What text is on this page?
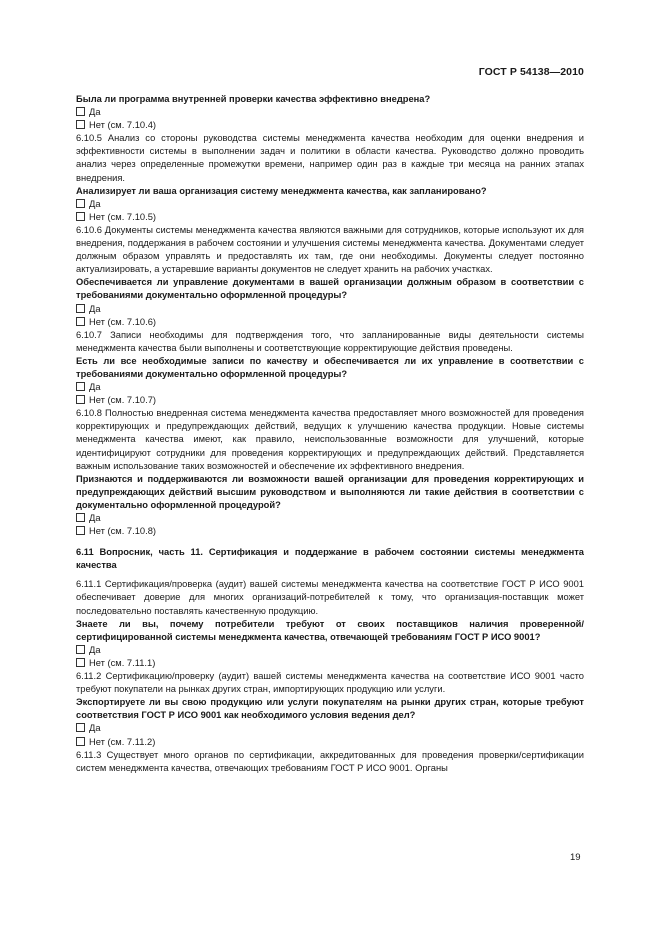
ГОСТ Р 54138—2010

Была ли программа внутренней проверки качества эффективно внедрена?

Да

Нет (см. 7.10.4)

6.10.5 Анализ со стороны руководства системы менеджмента качества необходим для оценки внедрения и эффективности системы в выполнении задач и политики в области качества. Руководство должно проводить анализ через определенные промежутки времени, например один раз в каждые три месяца на ранних этапах внедрения.

Анализирует ли ваша организация систему менеджмента качества, как запланировано?

Да

Нет (см. 7.10.5)

6.10.6 Документы системы менеджмента качества являются важными для сотрудников, которые используют их для внедрения, поддержания в рабочем состоянии и улучшения системы менеджмента качества. Документами следует должным образом управлять и предоставлять их там, где они необходимы. Документы следует постоянно актуализировать, а устаревшие варианты документов не следует хранить на рабочих участках.

Обеспечивается ли управление документами в вашей организации должным образом в соответствии с требованиями документально оформленной процедуры?

Да

Нет (см. 7.10.6)

6.10.7 Записи необходимы для подтверждения того, что запланированные виды деятельности системы менеджмента качества были выполнены и соответствующие корректирующие действия проведены.

Есть ли все необходимые записи по качеству и обеспечивается ли их управление в соответствии с требованиями документально оформленной процедуры?

Да

Нет (см. 7.10.7)

6.10.8 Полностью внедренная система менеджмента качества предоставляет много возможностей для проведения корректирующих и предупреждающих действий, ведущих к улучшению качества продукции. Новые системы менеджмента качества имеют, как правило, неиспользованные возможности для улучшений, которые идентифицируют сотрудники для проведения корректирующих и предупреждающих действий. Представляется важным использование таких возможностей и обеспечение их эффективного внедрения.

Признаются и поддерживаются ли возможности вашей организации для проведения корректирующих и предупреждающих действий высшим руководством и выполняются ли такие действия в соответствии с документально оформленной процедурой?

Да

Нет (см. 7.10.8)

6.11 Вопросник, часть 11. Сертификация и поддержание в рабочем состоянии системы менеджмента качества

6.11.1 Сертификация/проверка (аудит) вашей системы менеджмента качества на соответствие ГОСТ Р ИСО 9001 обеспечивает доверие для многих организаций-потребителей к тому, что организация-поставщик может последовательно поставлять качественную продукцию.

Знаете ли вы, почему потребители требуют от своих поставщиков наличия проверенной/сертифицированной системы менеджмента качества, отвечающей требованиям ГОСТ Р ИСО 9001?

Да

Нет (см. 7.11.1)

6.11.2 Сертификацию/проверку (аудит) вашей системы менеджмента качества на соответствие ИСО 9001 часто требуют покупатели на рынках других стран, импортирующих продукцию или услуги.

Экспортируете ли вы свою продукцию или услуги покупателям на рынки других стран, которые требуют соответствия ГОСТ Р ИСО 9001 как необходимого условия ведения дел?

Да

Нет (см. 7.11.2)

6.11.3 Существует много органов по сертификации, аккредитованных для проведения проверки/сертификации систем менеджмента качества, отвечающих требованиям ГОСТ Р ИСО 9001. Органы

19
